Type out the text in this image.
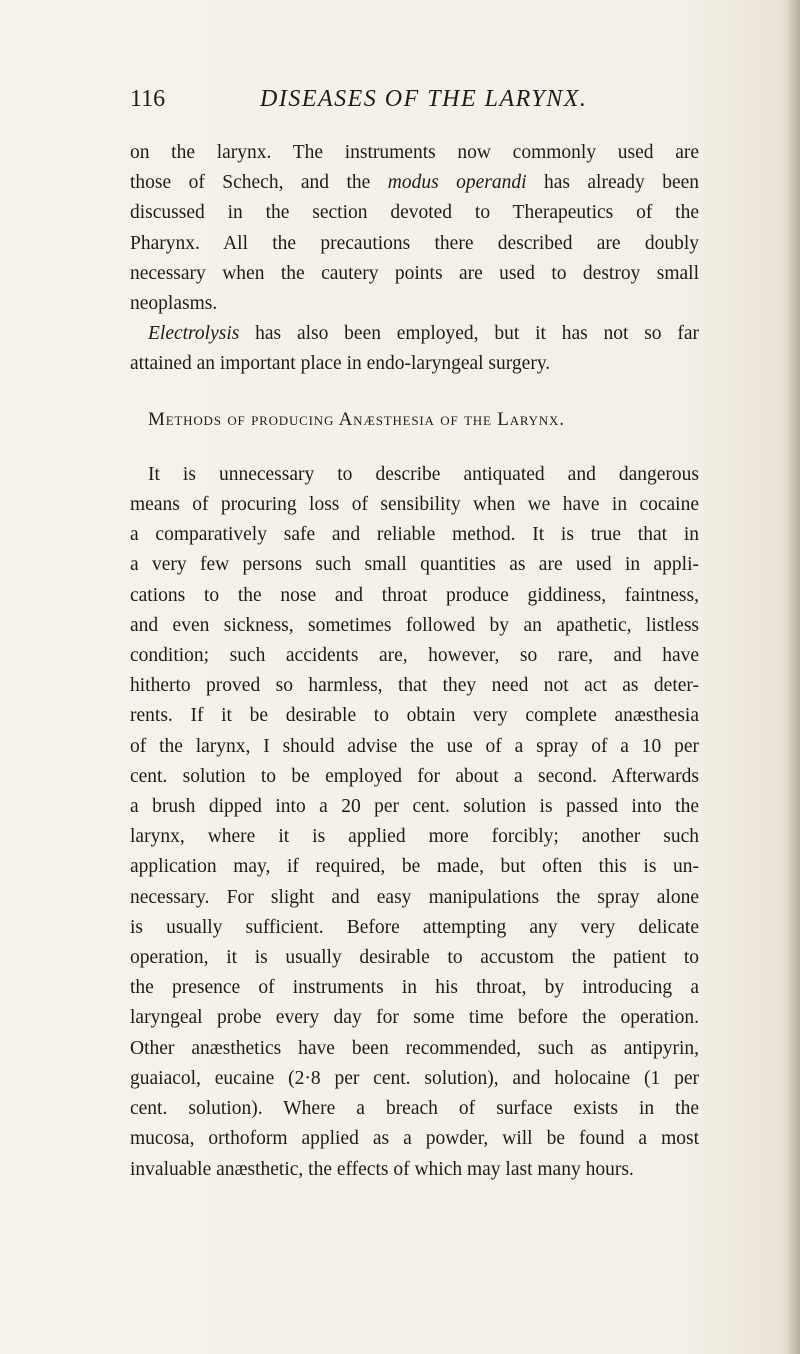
116	DISEASES OF THE LARYNX.

on the larynx. The instruments now commonly used are
those of Schech, and the modus operandi has already been
discussed in the section devoted to Therapeutics of the
Pharynx. All the precautions there described are doubly
necessary when the cautery points are used to destroy small
neoplasms.

Electrolysis has also been employed, but it has not so far
attained an important place in endo-laryngeal surgery.

Methods of producing Anæsthesia of the Larynx.

It is unnecessary to describe antiquated and dangerous
means of procuring loss of sensibility when we have in cocaine
a comparatively safe and reliable method. It is true that in
a very few persons such small quantities as are used in appli-
cations to the nose and throat produce giddiness, faintness,
and even sickness, sometimes followed by an apathetic, listless
condition; such accidents are, however, so rare, and have
hitherto proved so harmless, that they need not act as deter-
rents. If it be desirable to obtain very complete anæsthesia
of the larynx, I should advise the use of a spray of a 10 per
cent. solution to be employed for about a second. Afterwards
a brush dipped into a 20 per cent. solution is passed into the
larynx, where it is applied more forcibly; another such
application may, if required, be made, but often this is un-
necessary. For slight and easy manipulations the spray alone
is usually sufficient. Before attempting any very delicate
operation, it is usually desirable to accustom the patient to
the presence of instruments in his throat, by introducing a
laryngeal probe every day for some time before the operation.
Other anæsthetics have been recommended, such as antipyrin,
guaiacol, eucaine (2·8 per cent. solution), and holocaine (1 per
cent. solution). Where a breach of surface exists in the
mucosa, orthoform applied as a powder, will be found a most
invaluable anæsthetic, the effects of which may last many hours.
